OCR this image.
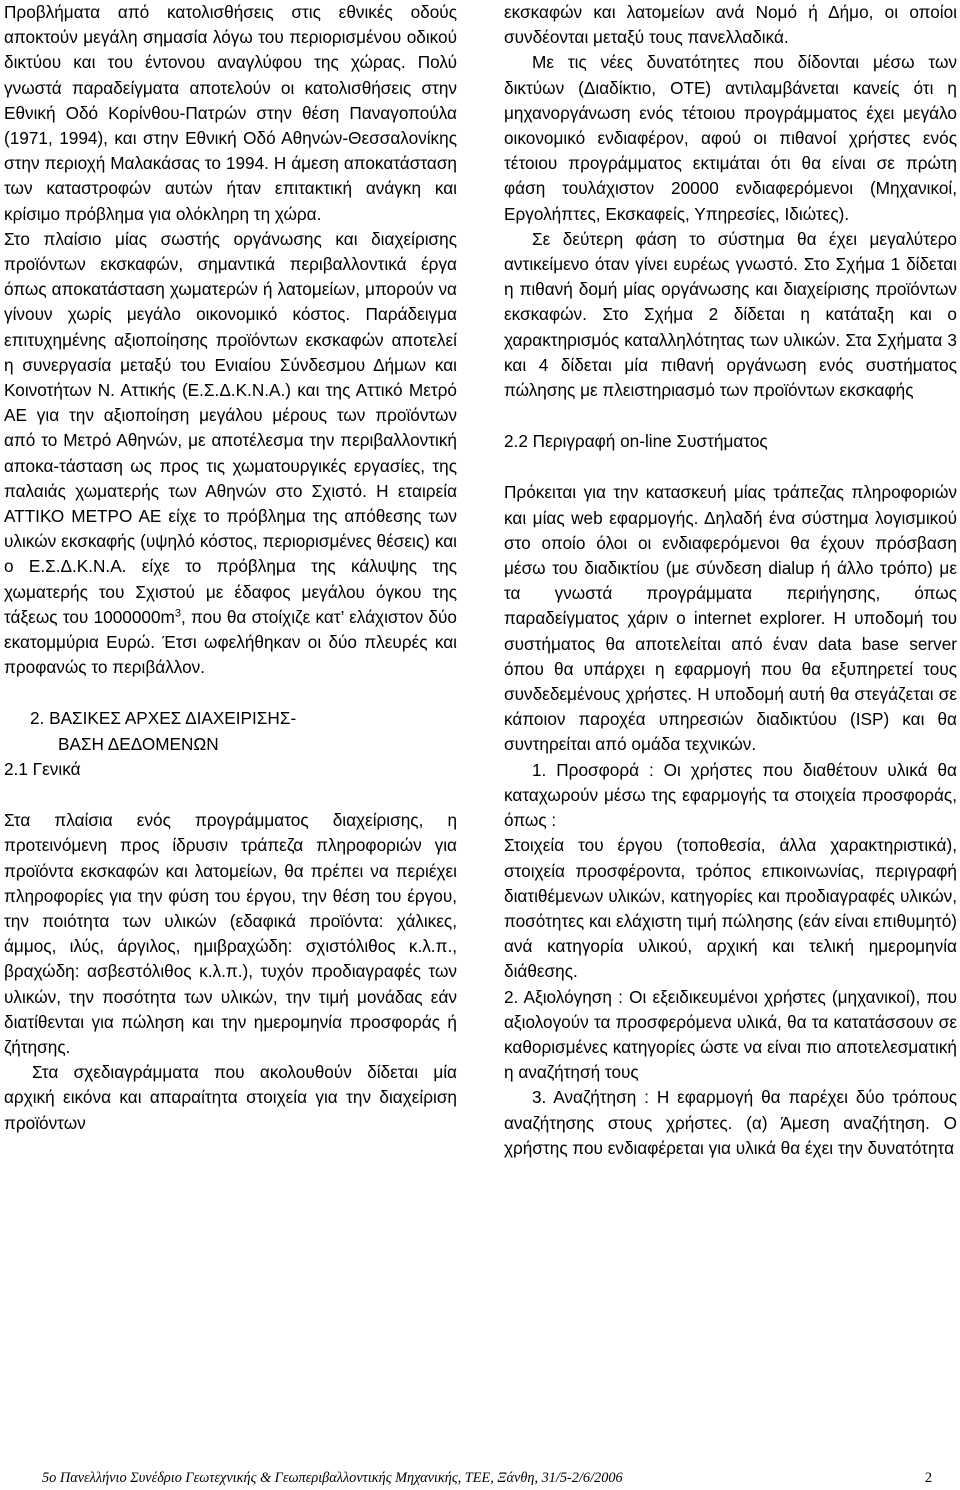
Προβλήματα από κατολισθήσεις στις εθνικές οδούς αποκτούν μεγάλη σημασία λόγω του περιορισμένου οδικού δικτύου και του έντονου αναγλύφου της χώρας. Πολύ γνωστά παραδείγματα αποτελούν οι κατολισθήσεις στην Εθνική Οδό Κορίνθου-Πατρών στην θέση Παναγοπούλα (1971, 1994), και στην Εθνική Οδό Αθηνών-Θεσσαλονίκης στην περιοχή Μαλακάσας το 1994. Η άμεση αποκατάσταση των καταστροφών αυτών ήταν επιτακτική ανάγκη και κρίσιμο πρόβλημα για ολόκληρη τη χώρα.

Στο πλαίσιο μίας σωστής οργάνωσης και διαχείρισης προϊόντων εκσκαφών, σημαντικά περιβαλλοντικά έργα όπως αποκατάσταση χωματερών ή λατομείων, μπορούν να γίνουν χωρίς μεγάλο οικονομικό κόστος. Παράδειγμα επιτυχημένης αξιοποίησης προϊόντων εκσκαφών αποτελεί η συνεργασία μεταξύ του Ενιαίου Σύνδεσμου Δήμων και Κοινοτήτων Ν. Αττικής (Ε.Σ.Δ.Κ.Ν.Α.) και της Αττικό Μετρό ΑΕ για την αξιοποίηση μεγάλου μέρους των προϊόντων από το Μετρό Αθηνών, με αποτέλεσμα την περιβαλλοντική αποκα-τάσταση ως προς τις χωματουργικές εργασίες, της παλαιάς χωματερής των Αθηνών στο Σχιστό. Η εταιρεία ΑΤΤΙΚΟ ΜΕΤΡΟ ΑΕ είχε το πρόβλημα της απόθεσης των υλικών εκσκαφής (υψηλό κόστος, περιορισμένες θέσεις) και ο Ε.Σ.Δ.Κ.Ν.Α. είχε το πρόβλημα της κάλυψης της χωματερής του Σχιστού με έδαφος μεγάλου όγκου της τάξεως του $1000000m^3$, που θα στοίχιζε κατ’ ελάχιστον δύο εκατομμύρια Ευρώ. Έτσι ωφελήθηκαν οι δύο πλευρές και προφανώς το περιβάλλον.

2. ΒΑΣΙΚΕΣ ΑΡΧΕΣ ΔΙΑΧΕΙΡΙΣΗΣ-
ΒΑΣΗ ΔΕΔΟΜΕΝΩΝ

2.1 Γενικά

Στα πλαίσια ενός προγράμματος διαχείρισης, η προτεινόμενη προς ίδρυσιν τράπεζα πληροφοριών για προϊόντα εκσκαφών και λατομείων, θα πρέπει να περιέχει πληροφορίες για την φύση του έργου, την θέση του έργου, την ποιότητα των υλικών (εδαφικά προϊόντα: χάλικες, άμμος, ιλύς, άργιλος, ημιβραχώδη: σχιστόλιθος κ.λ.π., βραχώδη: ασβεστόλιθος κ.λ.π.), τυχόν προδιαγραφές των υλικών, την ποσότητα των υλικών, την τιμή μονάδας εάν διατίθενται για πώληση και την ημερομηνία προσφοράς ή ζήτησης.

Στα σχεδιαγράμματα που ακολουθούν δίδεται μία αρχική εικόνα και απαραίτητα στοιχεία για την διαχείριση προϊόντων

εκσκαφών και λατομείων ανά Νομό ή Δήμο, οι οποίοι συνδέονται μεταξύ τους πανελλαδικά.

Με τις νέες δυνατότητες που δίδονται μέσω των δικτύων (Διαδίκτιο, ΟΤΕ) αντιλαμβάνεται κανείς ότι η μηχανοργάνωση ενός τέτοιου προγράμματος έχει μεγάλο οικονομικό ενδιαφέρον, αφού οι πιθανοί χρήστες ενός τέτοιου προγράμματος εκτιμάται ότι θα είναι σε πρώτη φάση τουλάχιστον 20000 ενδιαφερόμενοι (Μηχανικοί, Εργολήπτες, Εκσκαφείς, Υπηρεσίες, Ιδιώτες).

Σε δεύτερη φάση το σύστημα θα έχει μεγαλύτερο αντικείμενο όταν γίνει ευρέως γνωστό. Στο Σχήμα 1 δίδεται η πιθανή δομή μίας οργάνωσης και διαχείρισης προϊόντων εκσκαφών. Στο Σχήμα 2 δίδεται η κατάταξη και ο χαρακτηρισμός καταλληλότητας των υλικών. Στα Σχήματα 3 και 4 δίδεται μία πιθανή οργάνωση ενός συστήματος πώλησης με πλειστηριασμό των προϊόντων εκσκαφής

2.2 Περιγραφή on-line Συστήματος

Πρόκειται για την κατασκευή μίας τράπεζας πληροφοριών και μίας web εφαρμογής. Δηλαδή ένα σύστημα λογισμικού στο οποίο όλοι οι ενδιαφερόμενοι θα έχουν πρόσβαση μέσω του διαδικτίου (με σύνδεση dialup ή άλλο τρόπο) με τα γνωστά προγράμματα περιήγησης, όπως παραδείγματος χάριν ο internet explorer. Η υποδομή του συστήματος θα αποτελείται από έναν data base server όπου θα υπάρχει η εφαρμογή που θα εξυπηρετεί τους συνδεδεμένους χρήστες. Η υποδομή αυτή θα στεγάζεται σε κάποιον παροχέα υπηρεσιών διαδικτύου (ISP) και θα συντηρείται από ομάδα τεχνικών.

1. Προσφορά : Οι χρήστες που διαθέτουν υλικά θα καταχωρούν μέσω της εφαρμογής τα στοιχεία προσφοράς, όπως :

Στοιχεία του έργου (τοποθεσία, άλλα χαρακτηριστικά), στοιχεία προσφέροντα, τρόπος επικοινωνίας, περιγραφή διατιθέμενων υλικών, κατηγορίες και προδιαγραφές υλικών, ποσότητες και ελάχιστη τιμή πώλησης (εάν είναι επιθυμητό) ανά κατηγορία υλικού, αρχική και τελική ημερομηνία διάθεσης.

2. Αξιολόγηση : Οι εξειδικευμένοι χρήστες (μηχανικοί), που αξιολογούν τα προσφερόμενα υλικά, θα τα κατατάσσουν σε καθορισμένες κατηγορίες ώστε να είναι πιο αποτελεσματική η αναζήτησή τους

3. Αναζήτηση : Η εφαρμογή θα παρέχει δύο τρόπους αναζήτησης στους χρήστες. (α) Άμεση αναζήτηση. Ο χρήστης που ενδιαφέρεται για υλικά θα έχει την δυνατότητα

5ο Πανελλήνιο Συνέδριο Γεωτεχνικής & Γεωπεριβαλλοντικής Μηχανικής, ΤΕΕ, Ξάνθη, 31/5-2/6/2006	2
